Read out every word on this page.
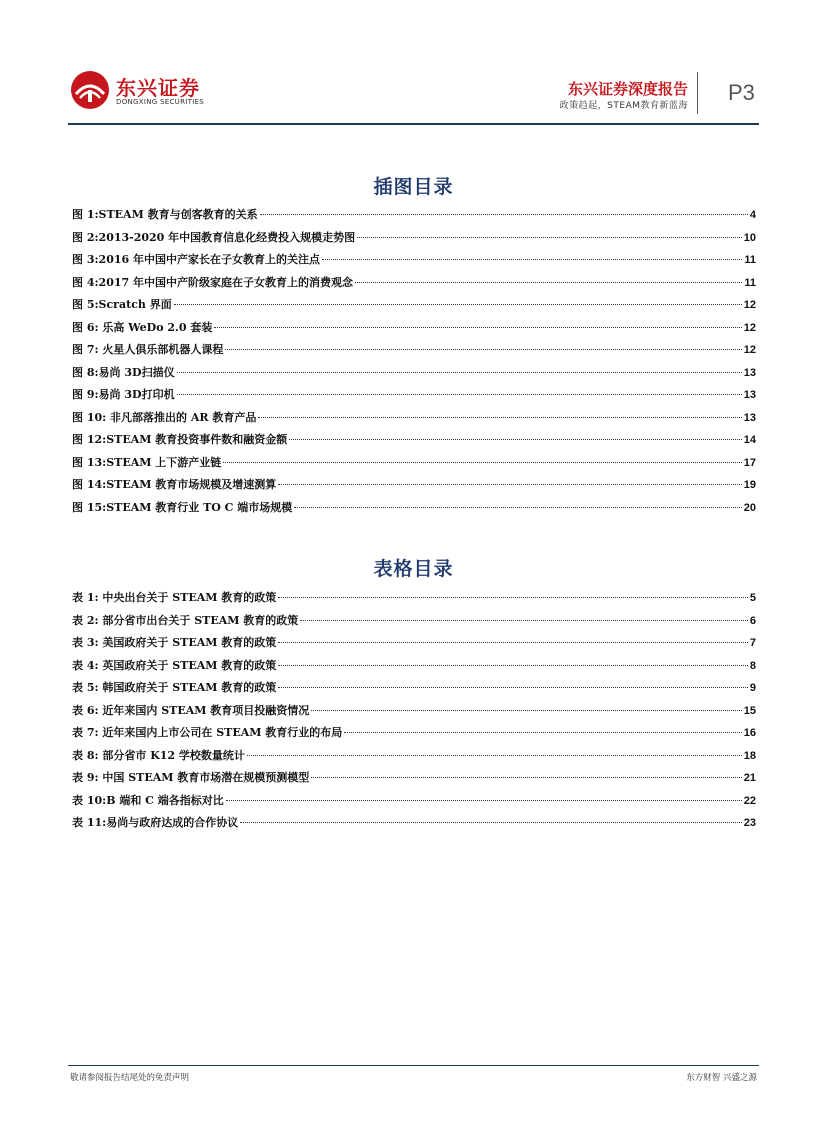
东兴证券
DONGXING SECURITIES
东兴证券深度报告
政策趋起，STEAM教育新蓝海
P3
插图目录
图 1:STEAM 教育与创客教育的关系	4
图 2:2013-2020 年中国教育信息化经费投入规模走势图	10
图 3:2016 年中国中产家长在子女教育上的关注点	11
图 4:2017 年中国中产阶级家庭在子女教育上的消费观念	11
图 5:Scratch 界面	12
图 6: 乐高 WeDo 2.0 套装	12
图 7: 火星人俱乐部机器人课程	12
图 8:易尚 3D扫描仪	13
图 9:易尚 3D打印机	13
图 10: 非凡部落推出的 AR 教育产品	13
图 12:STEAM 教育投资事件数和融资金额	14
图 13:STEAM 上下游产业链	17
图 14:STEAM 教育市场规模及增速测算	19
图 15:STEAM 教育行业 TO C 端市场规模	20
表格目录
表 1: 中央出台关于 STEAM 教育的政策	5
表 2: 部分省市出台关于 STEAM 教育的政策	6
表 3: 美国政府关于 STEAM 教育的政策	7
表 4: 英国政府关于 STEAM 教育的政策	8
表 5: 韩国政府关于 STEAM 教育的政策	9
表 6: 近年来国内 STEAM 教育项目投融资情况	15
表 7: 近年来国内上市公司在 STEAM 教育行业的布局	16
表 8: 部分省市 K12 学校数量统计	18
表 9: 中国 STEAM 教育市场潜在规模预测模型	21
表 10:B 端和 C 端各指标对比	22
表 11:易尚与政府达成的合作协议	23
敬请参阅报告结尾处的免责声明	东方财智 兴盛之源
